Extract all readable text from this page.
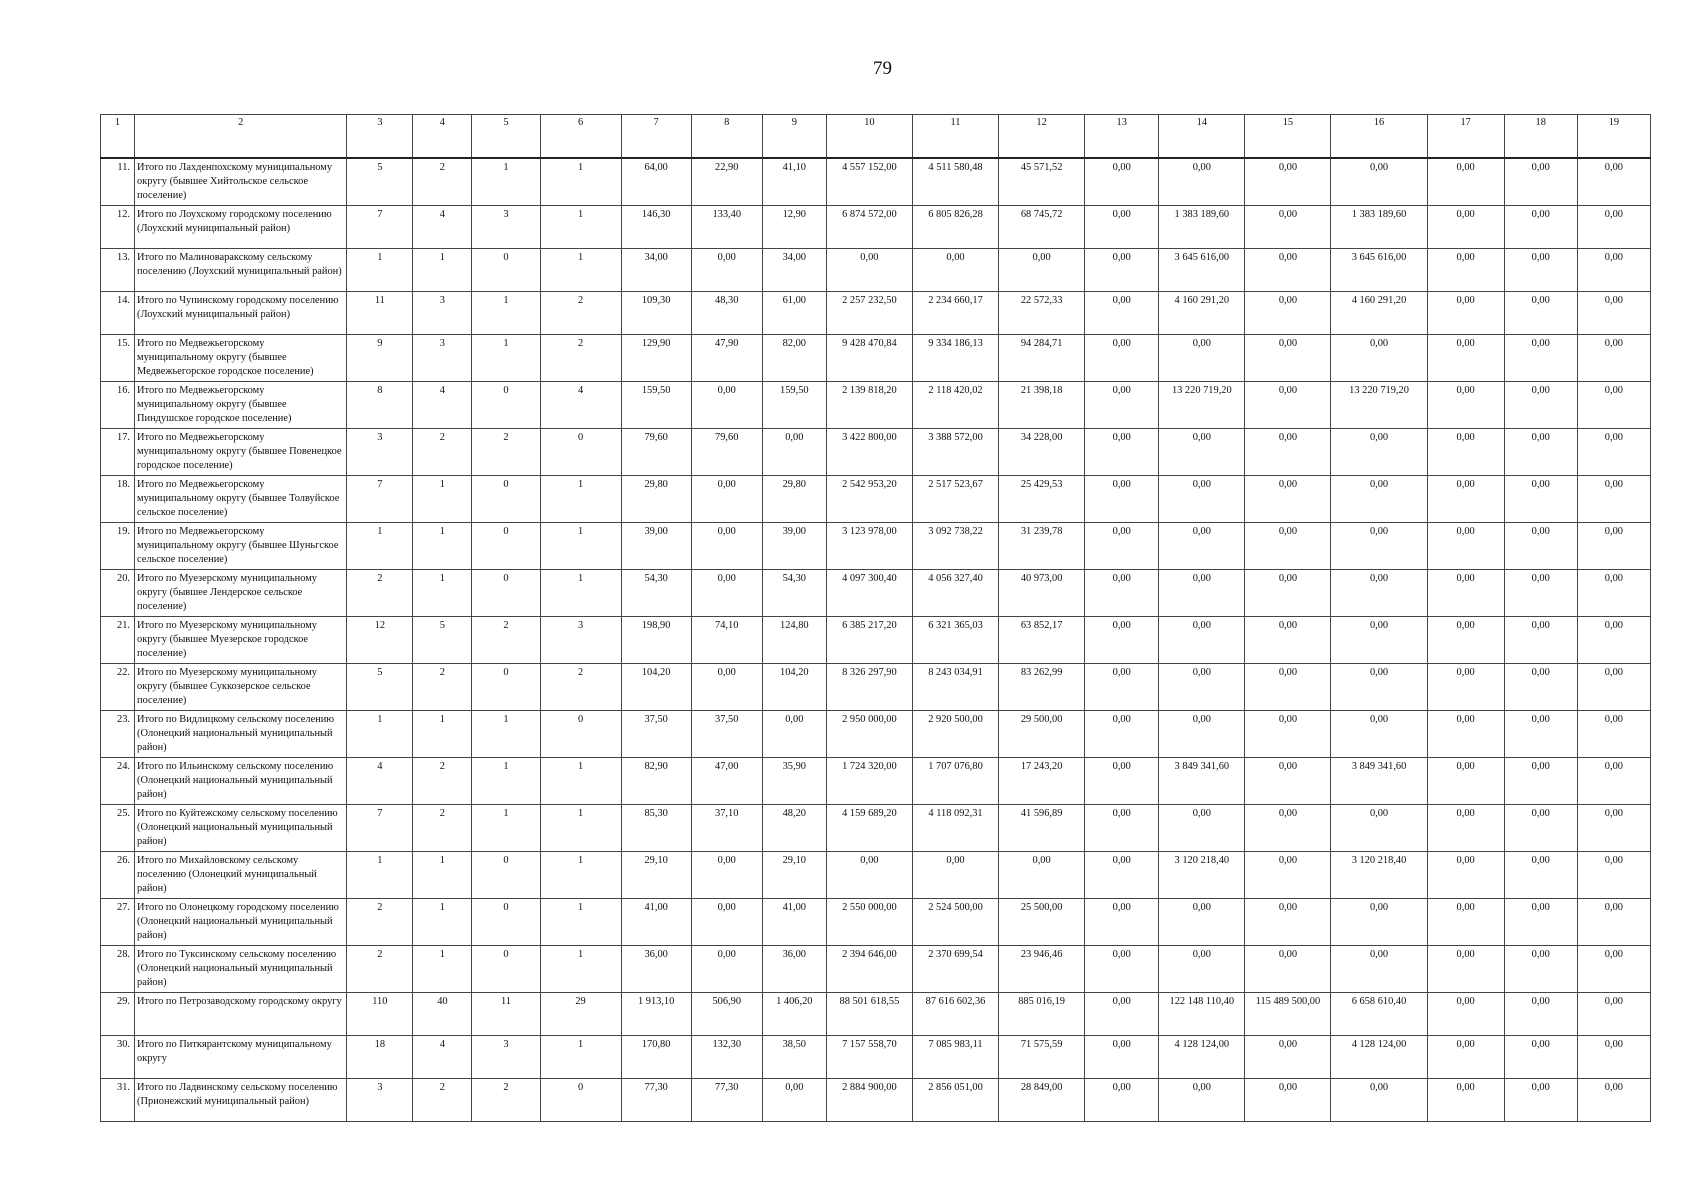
79
1	2	3	4	5	6	7	8	9	10	11	12	13	14	15	16	17	18	19
11.	Итого по Лахденпохскому муниципальному округу (бывшее Хийтольское сельское поселение)	5	2	1	1	64,00	22,90	41,10	4 557 152,00	4 511 580,48	45 571,52	0,00	0,00	0,00	0,00	0,00	0,00	0,00
12.	Итого по Лоухскому городскому поселению (Лоухский муниципальный район)	7	4	3	1	146,30	133,40	12,90	6 874 572,00	6 805 826,28	68 745,72	0,00	1 383 189,60	0,00	1 383 189,60	0,00	0,00	0,00
13.	Итого по Малиноваракскому сельскому поселению (Лоухский муниципальный район)	1	1	0	1	34,00	0,00	34,00	0,00	0,00	0,00	0,00	3 645 616,00	0,00	3 645 616,00	0,00	0,00	0,00
14.	Итого по Чупинскому городскому поселению (Лоухский муниципальный район)	11	3	1	2	109,30	48,30	61,00	2 257 232,50	2 234 660,17	22 572,33	0,00	4 160 291,20	0,00	4 160 291,20	0,00	0,00	0,00
15.	Итого по Медвежьегорскому муниципальному округу (бывшее Медвежьегорское городское поселение)	9	3	1	2	129,90	47,90	82,00	9 428 470,84	9 334 186,13	94 284,71	0,00	0,00	0,00	0,00	0,00	0,00	0,00
16.	Итого по Медвежьегорскому муниципальному округу (бывшее Пиндушское городское поселение)	8	4	0	4	159,50	0,00	159,50	2 139 818,20	2 118 420,02	21 398,18	0,00	13 220 719,20	0,00	13 220 719,20	0,00	0,00	0,00
17.	Итого по Медвежьегорскому муниципальному округу (бывшее Повенецкое городское поселение)	3	2	2	0	79,60	79,60	0,00	3 422 800,00	3 388 572,00	34 228,00	0,00	0,00	0,00	0,00	0,00	0,00	0,00
18.	Итого по Медвежьегорскому муниципальному округу (бывшее Толвуйское сельское поселение)	7	1	0	1	29,80	0,00	29,80	2 542 953,20	2 517 523,67	25 429,53	0,00	0,00	0,00	0,00	0,00	0,00	0,00
19.	Итого по Медвежьегорскому муниципальному округу (бывшее Шуньгское сельское поселение)	1	1	0	1	39,00	0,00	39,00	3 123 978,00	3 092 738,22	31 239,78	0,00	0,00	0,00	0,00	0,00	0,00	0,00
20.	Итого по Муезерскому муниципальному округу (бывшее Лендерское сельское поселение)	2	1	0	1	54,30	0,00	54,30	4 097 300,40	4 056 327,40	40 973,00	0,00	0,00	0,00	0,00	0,00	0,00	0,00
21.	Итого по Муезерскому муниципальному округу (бывшее Муезерское городское поселение)	12	5	2	3	198,90	74,10	124,80	6 385 217,20	6 321 365,03	63 852,17	0,00	0,00	0,00	0,00	0,00	0,00	0,00
22.	Итого по Муезерскому муниципальному округу (бывшее Суккозерское сельское поселение)	5	2	0	2	104,20	0,00	104,20	8 326 297,90	8 243 034,91	83 262,99	0,00	0,00	0,00	0,00	0,00	0,00	0,00
23.	Итого по Видлицкому сельскому поселению (Олонецкий национальный муниципальный район)	1	1	1	0	37,50	37,50	0,00	2 950 000,00	2 920 500,00	29 500,00	0,00	0,00	0,00	0,00	0,00	0,00	0,00
24.	Итого по Ильинскому сельскому поселению (Олонецкий национальный муниципальный район)	4	2	1	1	82,90	47,00	35,90	1 724 320,00	1 707 076,80	17 243,20	0,00	3 849 341,60	0,00	3 849 341,60	0,00	0,00	0,00
25.	Итого по Куйтежскому сельскому поселению (Олонецкий национальный муниципальный район)	7	2	1	1	85,30	37,10	48,20	4 159 689,20	4 118 092,31	41 596,89	0,00	0,00	0,00	0,00	0,00	0,00	0,00
26.	Итого по Михайловскому сельскому поселению (Олонецкий муниципальный район)	1	1	0	1	29,10	0,00	29,10	0,00	0,00	0,00	0,00	3 120 218,40	0,00	3 120 218,40	0,00	0,00	0,00
27.	Итого по Олонецкому городскому поселению (Олонецкий национальный муниципальный район)	2	1	0	1	41,00	0,00	41,00	2 550 000,00	2 524 500,00	25 500,00	0,00	0,00	0,00	0,00	0,00	0,00	0,00
28.	Итого по Туксинскому сельскому поселению (Олонецкий национальный муниципальный район)	2	1	0	1	36,00	0,00	36,00	2 394 646,00	2 370 699,54	23 946,46	0,00	0,00	0,00	0,00	0,00	0,00	0,00
29.	Итого по Петрозаводскому городскому округу	110	40	11	29	1 913,10	506,90	1 406,20	88 501 618,55	87 616 602,36	885 016,19	0,00	122 148 110,40	115 489 500,00	6 658 610,40	0,00	0,00	0,00
30.	Итого по Питкярантскому муниципальному округу	18	4	3	1	170,80	132,30	38,50	7 157 558,70	7 085 983,11	71 575,59	0,00	4 128 124,00	0,00	4 128 124,00	0,00	0,00	0,00
31.	Итого по Ладвинскому сельскому поселению (Прионежский муниципальный район)	3	2	2	0	77,30	77,30	0,00	2 884 900,00	2 856 051,00	28 849,00	0,00	0,00	0,00	0,00	0,00	0,00	0,00
